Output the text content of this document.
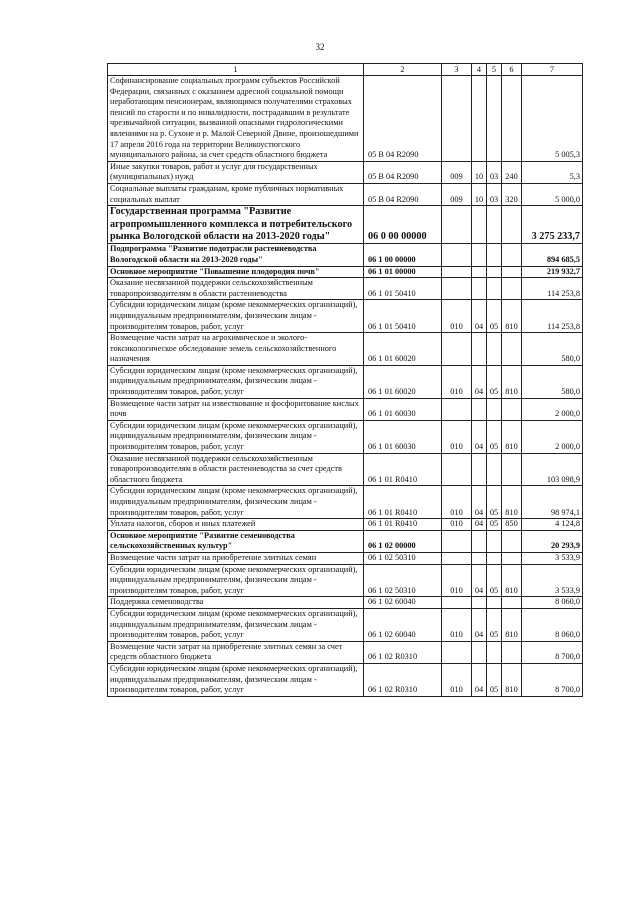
32
1	2	3	4	5	6	7
Софинансирование социальных программ субъектов Российской Федерации, связанных с оказанием адресной социальной помощи неработающим пенсионерам, являющимся получателями страховых пенсий по старости и по инвалидности, пострадавшим в результате чрезвычайной ситуации, вызванной опасными гидрологическими явлениями на р. Сухоне и р. Малой Северной Двине, произошедшими 17 апреля 2016 года на территории Великоустюгского муниципального района, за счет средств областного бюджета	05 В 04 R2090					5 005,3
Иные закупки товаров, работ и услуг для государственных (муниципальных) нужд	05 В 04 R2090	009	10	03	240	5,3
Социальные выплаты гражданам, кроме публичных нормативных социальных выплат	05 В 04 R2090	009	10	03	320	5 000,0
Государственная программа "Развитие агропромышленного комплекса и потребительского рынка Вологодской области на 2013-2020 годы"	06 0 00 00000					3 275 233,7
Подпрограмма "Развитие подотрасли растениеводства Вологодской области на 2013-2020 годы"	06 1 00 00000					894 685,5
Основное мероприятие "Повышение плодородия почв"	06 1 01 00000					219 932,7
Оказание несвязанной поддержки сельскохозяйственным товаропроизводителям в области растениеводства	06 1 01 50410					114 253,8
Субсидии юридическим лицам (кроме некоммерческих организаций), индивидуальным предпринимателям, физическим лицам - производителям товаров, работ, услуг	06 1 01 50410	010	04	05	810	114 253,8
Возмещение части затрат на агрохимическое и эколого-токсикологическое обследование земель сельскохозяйственного назначения	06 1 01 60020					580,0
Субсидии юридическим лицам (кроме некоммерческих организаций), индивидуальным предпринимателям, физическим лицам - производителям товаров, работ, услуг	06 1 01 60020	010	04	05	810	580,0
Возмещение части затрат на известкование и фосфоритование кислых почв	06 1 01 60030					2 000,0
Субсидии юридическим лицам (кроме некоммерческих организаций), индивидуальным предпринимателям, физическим лицам - производителям товаров, работ, услуг	06 1 01 60030	010	04	05	810	2 000,0
Оказание несвязанной поддержки сельскохозяйственным товаропроизводителям в области растениеводства за счет средств областного бюджета	06 1 01 R0410					103 098,9
Субсидии юридическим лицам (кроме некоммерческих организаций), индивидуальным предпринимателям, физическим лицам - производителям товаров, работ, услуг	06 1 01 R0410	010	04	05	810	98 974,1
Уплата налогов, сборов и иных платежей	06 1 01 R0410	010	04	05	850	4 124,8
Основное мероприятие "Развитие семеноводства сельскохозяйственных культур"	06 1 02 00000					20 293,9
Возмещение части затрат на приобретение элитных семян	06 1 02 50310					3 533,9
Субсидии юридическим лицам (кроме некоммерческих организаций), индивидуальным предпринимателям, физическим лицам - производителям товаров, работ, услуг	06 1 02 50310	010	04	05	810	3 533,9
Поддержка семеноводства	06 1 02 60040					8 060,0
Субсидии юридическим лицам (кроме некоммерческих организаций), индивидуальным предпринимателям, физическим лицам - производителям товаров, работ, услуг	06 1 02 60040	010	04	05	810	8 060,0
Возмещение части затрат на приобретение элитных семян за счет средств областного бюджета	06 1 02 R0310					8 700,0
Субсидии юридическим лицам (кроме некоммерческих организаций), индивидуальным предпринимателям, физическим лицам - производителям товаров, работ, услуг	06 1 02 R0310	010	04	05	810	8 700,0
